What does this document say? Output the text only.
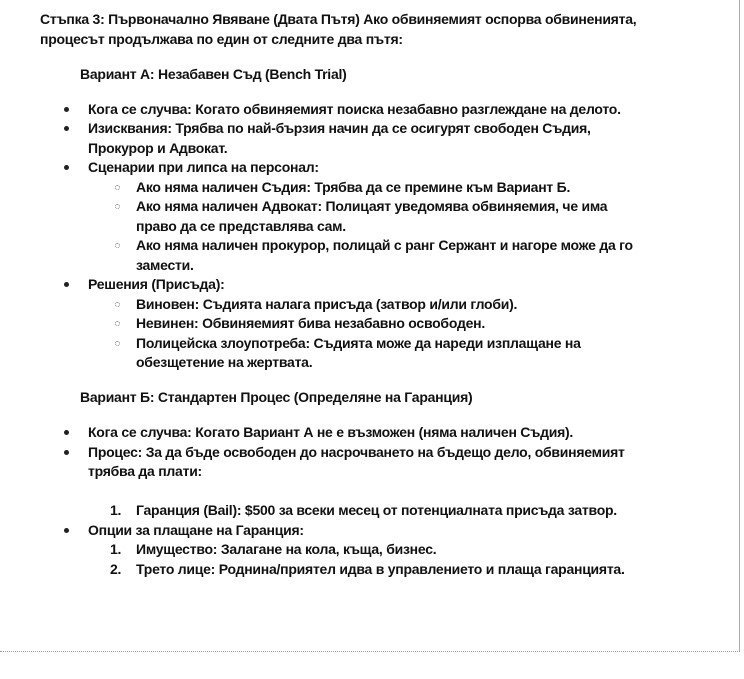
Стъпка 3: Първоначално Явяване (Двата Пътя) Ако обвиняемият оспорва обвиненията, процесът продължава по един от следните два пътя:

Вариант А: Незабавен Съд (Bench Trial)

Кога се случва: Когато обвиняемият поиска незабавно разглеждане на делото.
Изисквания: Трябва по най-бързия начин да се осигурят свободен Съдия, Прокурор и Адвокат.
Сценарии при липса на персонал:
Ако няма наличен Съдия: Трябва да се премине към Вариант Б.
Ако няма наличен Адвокат: Полицаят уведомява обвиняемия, че има право да се представлява сам.
Ако няма наличен прокурор, полицай с ранг Сержант и нагоре може да го замести.
Решения (Присъда):
Виновен: Съдията налага присъда (затвор и/или глоби).
Невинен: Обвиняемият бива незабавно освободен.
Полицейска злоупотреба: Съдията може да нареди изплащане на обезщетение на жертвата.

Вариант Б: Стандартен Процес (Определяне на Гаранция)

Кога се случва: Когато Вариант А не е възможен (няма наличен Съдия).
Процес: За да бъде освободен до насрочването на бъдещо дело, обвиняемият трябва да плати:
1. Гаранция (Bail): $500 за всеки месец от потенциалната присъда затвор.
Опции за плащане на Гаранция:
1. Имущество: Залагане на кола, къща, бизнес.
2. Трето лице: Роднина/приятел идва в управлението и плаща гаранцията.
